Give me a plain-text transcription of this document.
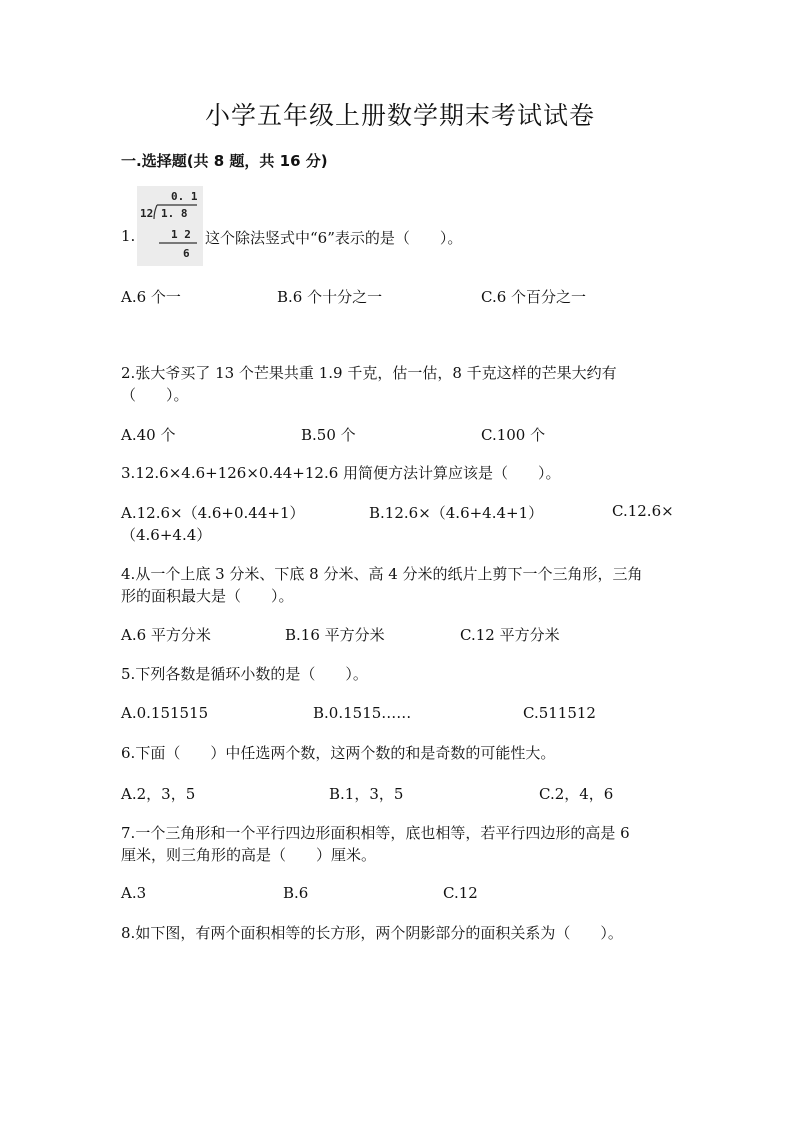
小学五年级上册数学期末考试试卷
一.选择题(共 8 题，共 16 分)
1.
0. 1
12 1. 8
1 2
6
这个除法竖式中“6”表示的是（　　）。
A.6 个一	B.6 个十分之一	C.6 个百分之一
2.张大爷买了 13 个芒果共重 1.9 千克，估一估，8 千克这样的芒果大约有
（　　）。
A.40 个	B.50 个	C.100 个
3.12.6×4.6+126×0.44+12.6 用简便方法计算应该是（　　）。
A.12.6×（4.6+0.44+1）	B.12.6×（4.6+4.4+1）	C.12.6×
（4.6+4.4）
4.从一个上底 3 分米、下底 8 分米、高 4 分米的纸片上剪下一个三角形，三角
形的面积最大是（　　）。
A.6 平方分米	B.16 平方分米	C.12 平方分米
5.下列各数是循环小数的是（　　）。
A.0.151515	B.0.1515……	C.511512
6.下面（　　）中任选两个数，这两个数的和是奇数的可能性大。
A.2，3，5	B.1，3，5	C.2，4，6
7.一个三角形和一个平行四边形面积相等，底也相等，若平行四边形的高是 6
厘米，则三角形的高是（　　）厘米。
A.3	B.6	C.12
8.如下图，有两个面积相等的长方形，两个阴影部分的面积关系为（　　）。
